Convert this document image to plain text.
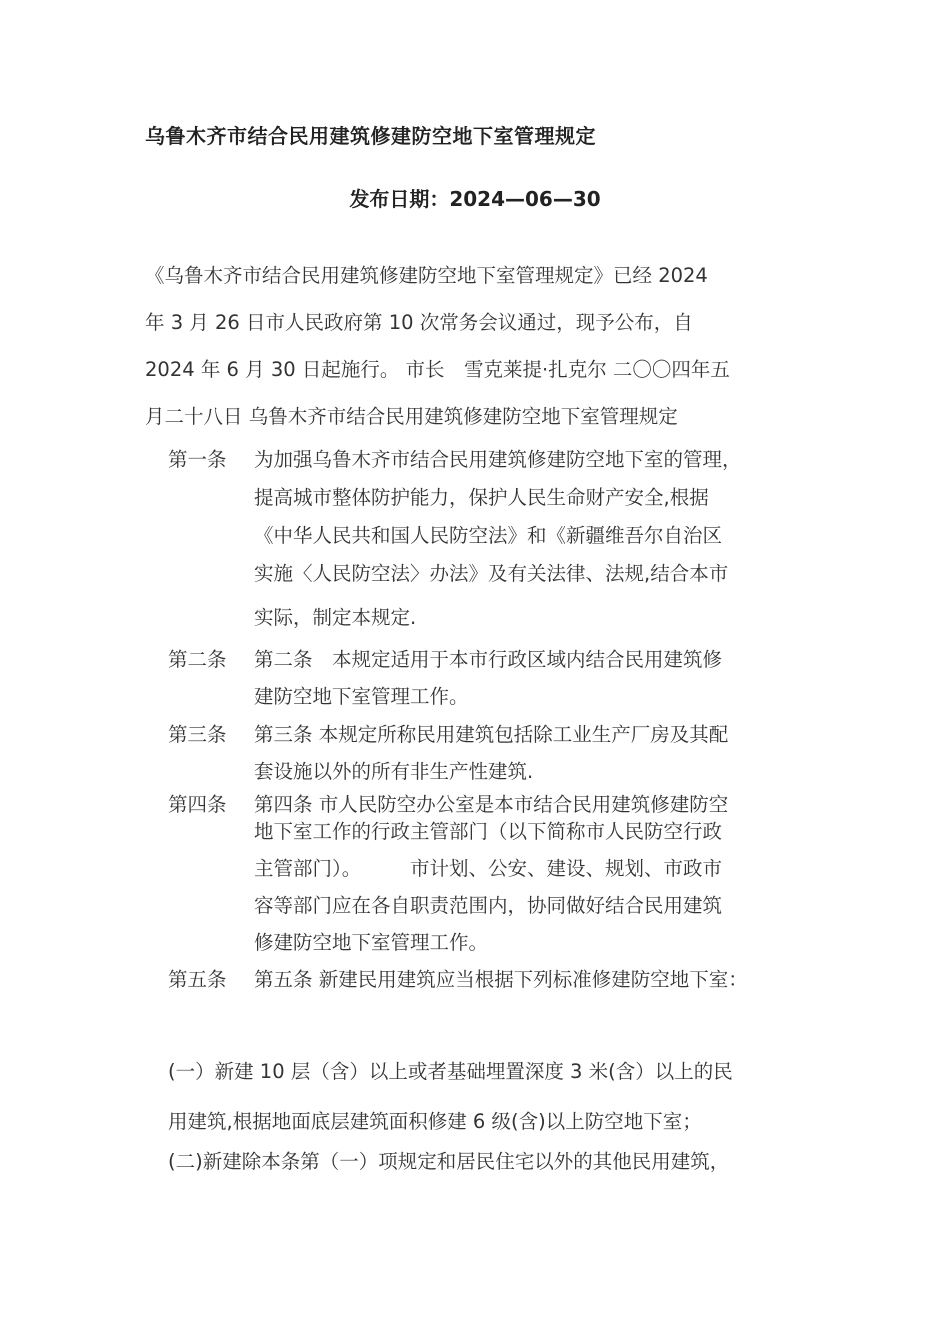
乌鲁木齐市结合民用建筑修建防空地下室管理规定
发布日期：2024—06—30
《乌鲁木齐市结合民用建筑修建防空地下室管理规定》已经 2024
年 3 月 26 日市人民政府第 10 次常务会议通过，现予公布，自
2024 年 6 月 30 日起施行。 市长　雪克莱提·扎克尔 二〇〇四年五
月二十八日 乌鲁木齐市结合民用建筑修建防空地下室管理规定
第一条 为加强乌鲁木齐市结合民用建筑修建防空地下室的管理，
提高城市整体防护能力，保护人民生命财产安全,根据
《中华人民共和国人民防空法》和《新疆维吾尔自治区
实施〈人民防空法〉办法》及有关法律、法规,结合本市
实际，制定本规定.
第二条 第二条　本规定适用于本市行政区域内结合民用建筑修
建防空地下室管理工作。
第三条 第三条 本规定所称民用建筑包括除工业生产厂房及其配
套设施以外的所有非生产性建筑.
第四条 第四条 市人民防空办公室是本市结合民用建筑修建防空
地下室工作的行政主管部门（以下简称市人民防空行政
主管部门）。　　　市计划、公安、建设、规划、市政市
容等部门应在各自职责范围内，协同做好结合民用建筑
修建防空地下室管理工作。
第五条 第五条 新建民用建筑应当根据下列标准修建防空地下室：
(一）新建 10 层（含）以上或者基础埋置深度 3 米(含）以上的民
用建筑,根据地面底层建筑面积修建 6 级(含)以上防空地下室；
(二)新建除本条第（一）项规定和居民住宅以外的其他民用建筑，
